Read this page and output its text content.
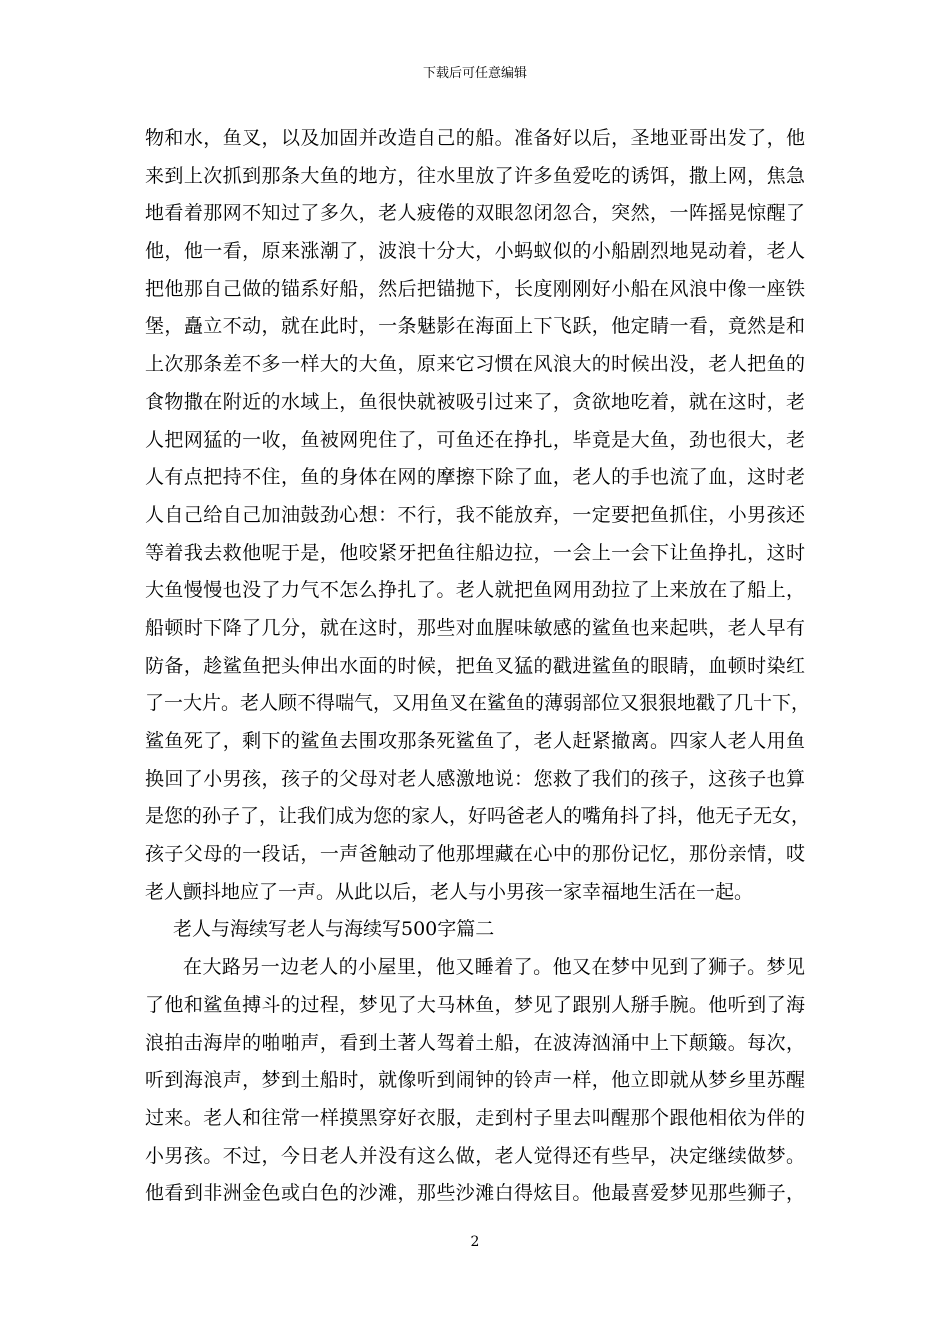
下载后可任意编辑
物和水，鱼叉，以及加固并改造自己的船。准备好以后，圣地亚哥出发了，他
来到上次抓到那条大鱼的地方，往水里放了许多鱼爱吃的诱饵，撒上网，焦急
地看着那网不知过了多久，老人疲倦的双眼忽闭忽合，突然，一阵摇晃惊醒了
他，他一看，原来涨潮了，波浪十分大，小蚂蚁似的小船剧烈地晃动着，老人
把他那自己做的锚系好船，然后把锚抛下，长度刚刚好小船在风浪中像一座铁
堡，矗立不动，就在此时，一条魅影在海面上下飞跃，他定睛一看，竟然是和
上次那条差不多一样大的大鱼，原来它习惯在风浪大的时候出没，老人把鱼的
食物撒在附近的水域上，鱼很快就被吸引过来了，贪欲地吃着，就在这时，老
人把网猛的一收，鱼被网兜住了，可鱼还在挣扎，毕竟是大鱼，劲也很大，老
人有点把持不住，鱼的身体在网的摩擦下除了血，老人的手也流了血，这时老
人自己给自己加油鼓劲心想：不行，我不能放弃，一定要把鱼抓住，小男孩还
等着我去救他呢于是，他咬紧牙把鱼往船边拉，一会上一会下让鱼挣扎，这时
大鱼慢慢也没了力气不怎么挣扎了。老人就把鱼网用劲拉了上来放在了船上，
船顿时下降了几分，就在这时，那些对血腥味敏感的鲨鱼也来起哄，老人早有
防备，趁鲨鱼把头伸出水面的时候，把鱼叉猛的戳进鲨鱼的眼睛，血顿时染红
了一大片。老人顾不得喘气，又用鱼叉在鲨鱼的薄弱部位又狠狠地戳了几十下，
鲨鱼死了，剩下的鲨鱼去围攻那条死鲨鱼了，老人赶紧撤离。四家人老人用鱼
换回了小男孩，孩子的父母对老人感激地说：您救了我们的孩子，这孩子也算
是您的孙子了，让我们成为您的家人，好吗爸老人的嘴角抖了抖，他无子无女，
孩子父母的一段话，一声爸触动了他那埋藏在心中的那份记忆，那份亲情，哎
老人颤抖地应了一声。从此以后，老人与小男孩一家幸福地生活在一起。
老人与海续写老人与海续写500字篇二
在大路另一边老人的小屋里，他又睡着了。他又在梦中见到了狮子。梦见
了他和鲨鱼搏斗的过程，梦见了大马林鱼，梦见了跟别人掰手腕。他听到了海
浪拍击海岸的啪啪声，看到土著人驾着土船，在波涛汹涌中上下颠簸。每次，
听到海浪声，梦到土船时，就像听到闹钟的铃声一样，他立即就从梦乡里苏醒
过来。老人和往常一样摸黑穿好衣服，走到村子里去叫醒那个跟他相依为伴的
小男孩。不过，今日老人并没有这么做，老人觉得还有些早，决定继续做梦。
他看到非洲金色或白色的沙滩，那些沙滩白得炫目。他最喜爱梦见那些狮子，
2
